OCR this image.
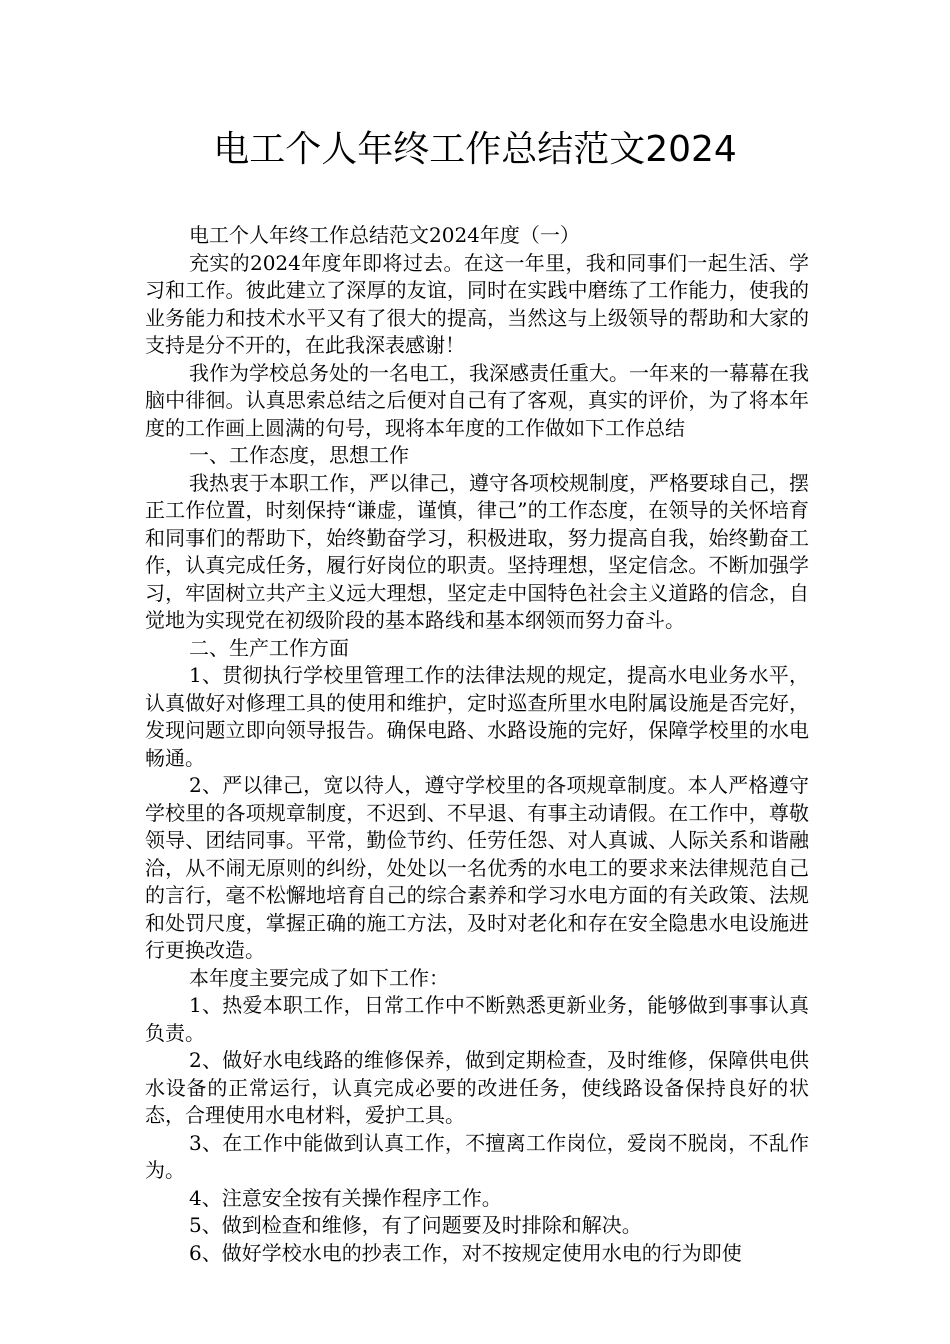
电工个人年终工作总结范文2024

电工个人年终工作总结范文2024年度（一）

充实的2024年度年即将过去。在这一年里，我和同事们一起生活、学习和工作。彼此建立了深厚的友谊，同时在实践中磨练了工作能力，使我的业务能力和技术水平又有了很大的提高，当然这与上级领导的帮助和大家的支持是分不开的，在此我深表感谢！

我作为学校总务处的一名电工，我深感责任重大。一年来的一幕幕在我脑中徘徊。认真思索总结之后便对自己有了客观，真实的评价，为了将本年度的工作画上圆满的句号，现将本年度的工作做如下工作总结

一、工作态度，思想工作

我热衷于本职工作，严以律己，遵守各项校规制度，严格要球自己，摆正工作位置，时刻保持“谦虚，谨慎，律己”的工作态度，在领导的关怀培育和同事们的帮助下，始终勤奋学习，积极进取，努力提高自我，始终勤奋工作，认真完成任务，履行好岗位的职责。坚持理想，坚定信念。不断加强学习，牢固树立共产主义远大理想，坚定走中国特色社会主义道路的信念，自觉地为实现党在初级阶段的基本路线和基本纲领而努力奋斗。

二、生产工作方面

1、贯彻执行学校里管理工作的法律法规的规定，提高水电业务水平，认真做好对修理工具的使用和维护，定时巡查所里水电附属设施是否完好，发现问题立即向领导报告。确保电路、水路设施的完好，保障学校里的水电畅通。

2、严以律己，宽以待人，遵守学校里的各项规章制度。本人严格遵守学校里的各项规章制度，不迟到、不早退、有事主动请假。在工作中，尊敬领导、团结同事。平常，勤俭节约、任劳任怨、对人真诚、人际关系和谐融洽，从不闹无原则的纠纷，处处以一名优秀的水电工的要求来法律规范自己的言行，毫不松懈地培育自己的综合素养和学习水电方面的有关政策、法规和处罚尺度，掌握正确的施工方法，及时对老化和存在安全隐患水电设施进行更换改造。

本年度主要完成了如下工作：

1、热爱本职工作，日常工作中不断熟悉更新业务，能够做到事事认真负责。

2、做好水电线路的维修保养，做到定期检查，及时维修，保障供电供水设备的正常运行，认真完成必要的改进任务，使线路设备保持良好的状态，合理使用水电材料，爱护工具。

3、在工作中能做到认真工作，不擅离工作岗位，爱岗不脱岗，不乱作为。

4、注意安全按有关操作程序工作。

5、做到检查和维修，有了问题要及时排除和解决。

6、做好学校水电的抄表工作，对不按规定使用水电的行为即使
